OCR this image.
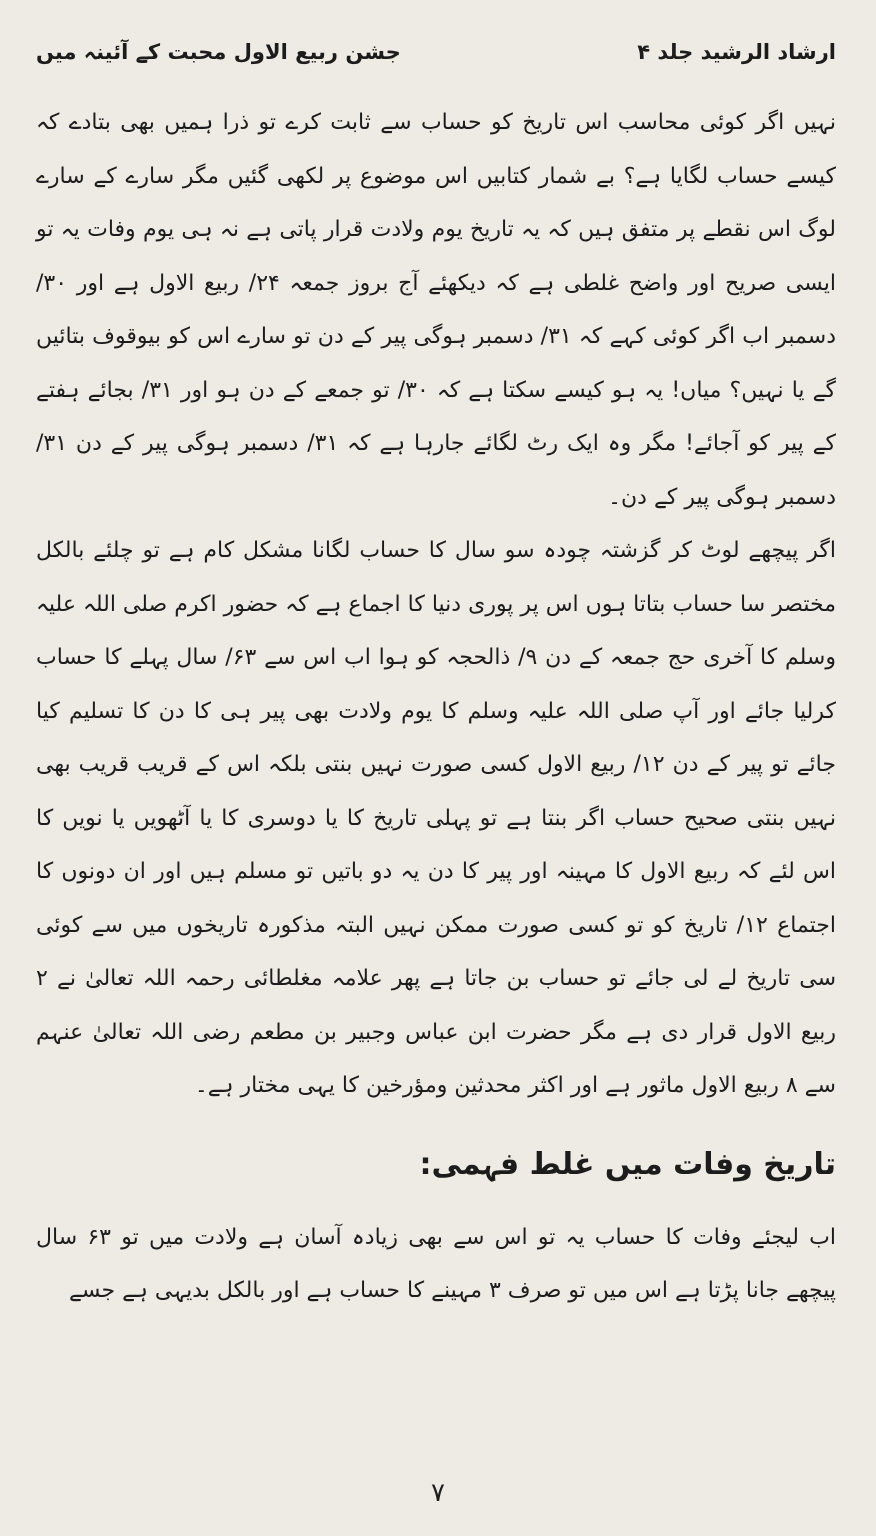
ارشاد الرشید جلد ۴
جشن ربیع الاول محبت کے آئینہ میں

نہیں اگر کوئی محاسب اس تاریخ کو حساب سے ثابت کرے تو ذرا ہمیں بھی بتادے کہ کیسے حساب لگایا ہے؟ بے شمار کتابیں اس موضوع پر لکھی گئیں مگر سارے کے سارے لوگ اس نقطے پر متفق ہیں کہ یہ تاریخ یوم ولادت قرار پاتی ہے نہ ہی یوم وفات یہ تو ایسی صریح اور واضح غلطی ہے کہ دیکھئے آج بروز جمعہ ۲۴/ ربیع الاول ہے اور ۳۰/ دسمبر اب اگر کوئی کہے کہ ۳۱/ دسمبر ہوگی پیر کے دن تو سارے اس کو بیوقوف بتائیں گے یا نہیں؟ میاں! یہ ہو کیسے سکتا ہے کہ ۳۰/ تو جمعے کے دن ہو اور ۳۱/ بجائے ہفتے کے پیر کو آجائے! مگر وہ ایک رٹ لگائے جارہا ہے کہ ۳۱/ دسمبر ہوگی پیر کے دن ۳۱/ دسمبر ہوگی پیر کے دن۔

اگر پیچھے لوٹ کر گزشتہ چودہ سو سال کا حساب لگانا مشکل کام ہے تو چلئے بالکل مختصر سا حساب بتاتا ہوں اس پر پوری دنیا کا اجماع ہے کہ حضور اکرم صلی اللہ علیہ وسلم کا آخری حج جمعہ کے دن ۹/ ذالحجہ کو ہوا اب اس سے ۶۳/ سال پہلے کا حساب کرلیا جائے اور آپ صلی اللہ علیہ وسلم کا یوم ولادت بھی پیر ہی کا دن کا تسلیم کیا جائے تو پیر کے دن ۱۲/ ربیع الاول کسی صورت نہیں بنتی بلکہ اس کے قریب قریب بھی نہیں بنتی صحیح حساب اگر بنتا ہے تو پہلی تاریخ کا یا دوسری کا یا آٹھویں یا نویں کا اس لئے کہ ربیع الاول کا مہینہ اور پیر کا دن یہ دو باتیں تو مسلم ہیں اور ان دونوں کا اجتماع ۱۲/ تاریخ کو تو کسی صورت ممکن نہیں البتہ مذکورہ تاریخوں میں سے کوئی سی تاریخ لے لی جائے تو حساب بن جاتا ہے پھر علامہ مغلطائی رحمہ اللہ تعالیٰ نے ۲ ربیع الاول قرار دی ہے مگر حضرت ابن عباس وجبیر بن مطعم رضی اللہ تعالیٰ عنہم سے ۸ ربیع الاول ماثور ہے اور اکثر محدثین ومؤرخین کا یہی مختار ہے۔

تاریخ وفات میں غلط فہمی:

اب لیجئے وفات کا حساب یہ تو اس سے بھی زیادہ آسان ہے ولادت میں تو ۶۳ سال پیچھے جانا پڑتا ہے اس میں تو صرف ۳ مہینے کا حساب ہے اور بالکل بدیہی ہے جسے

۷
